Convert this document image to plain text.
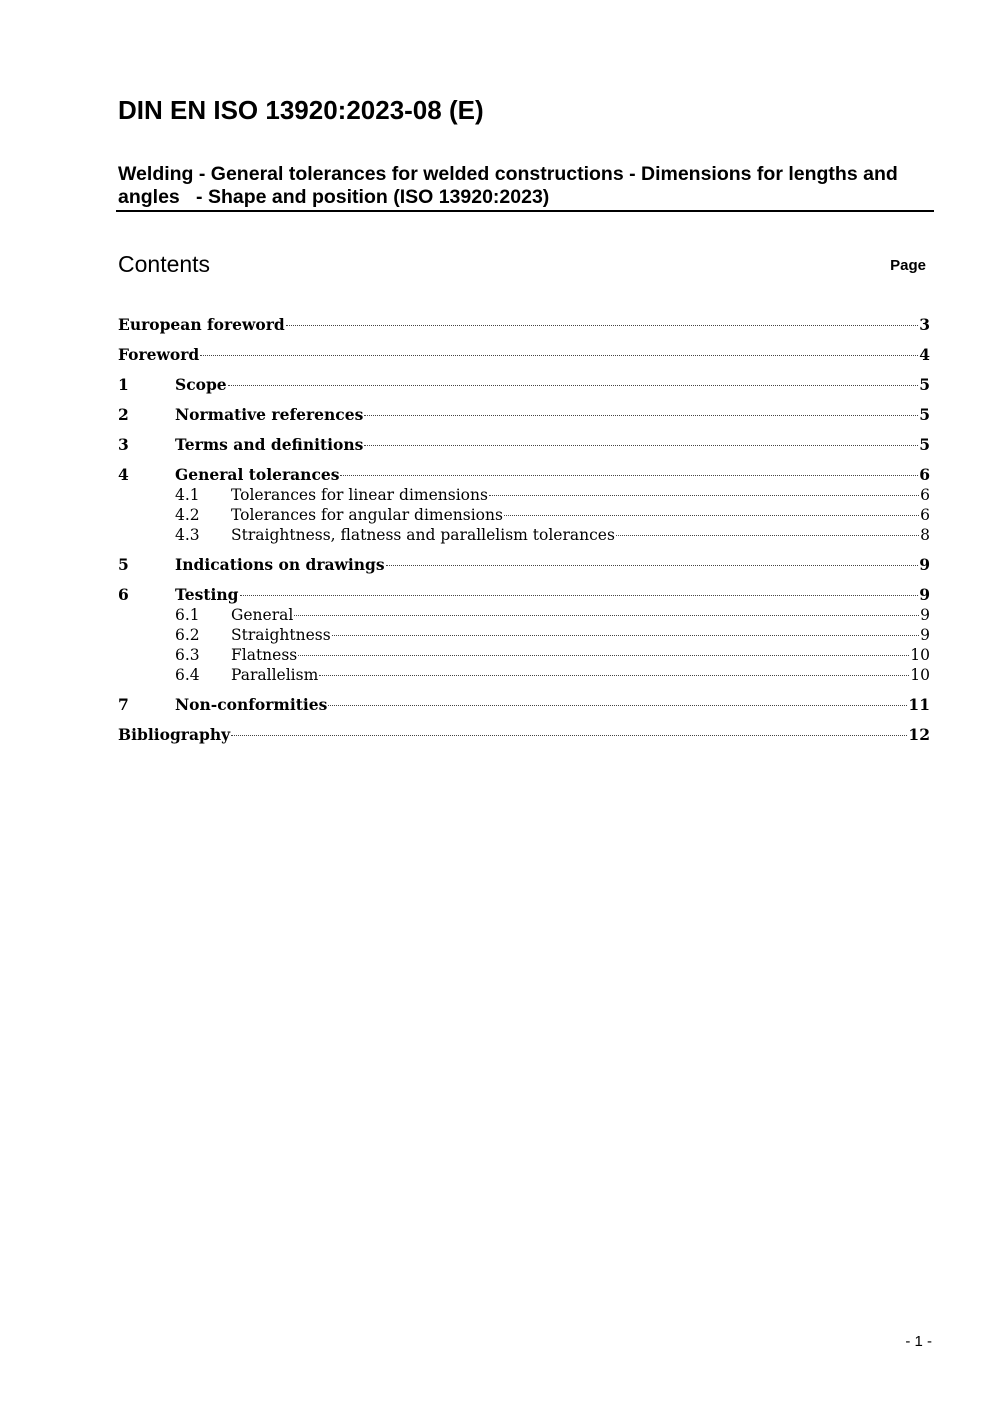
DIN EN ISO 13920:2023-08 (E)
Welding - General tolerances for welded constructions - Dimensions for lengths and
angles   - Shape and position (ISO 13920:2023)
Contents	Page
European foreword	3
Foreword	4
1	Scope	5
2	Normative references	5
3	Terms and definitions	5
4	General tolerances	6
4.1	Tolerances for linear dimensions	6
4.2	Tolerances for angular dimensions	6
4.3	Straightness, flatness and parallelism tolerances	8
5	Indications on drawings	9
6	Testing	9
6.1	General	9
6.2	Straightness	9
6.3	Flatness	10
6.4	Parallelism	10
7	Non-conformities	11
Bibliography	12
- 1 -
